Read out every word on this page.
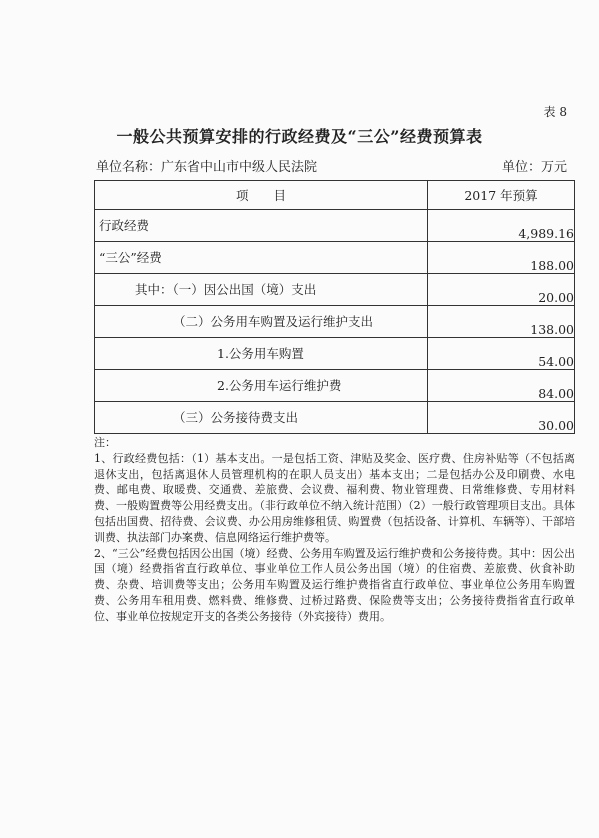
表 8
一般公共预算安排的行政经费及“三公”经费预算表
单位名称：广东省中山市中级人民法院	单位：万元
项　　目	2017 年预算

行政经费	4,989.16

“三公”经费	188.00

其中：（一）因公出国（境）支出	20.00

（二）公务用车购置及运行维护支出	138.00

1.公务用车购置	54.00

2.公务用车运行维护费	84.00

（三）公务接待费支出	30.00

注：

1、行政经费包括：（1）基本支出。一是包括工资、津贴及奖金、医疗费、住房补贴等（不包括离退休支出，包括离退休人员管理机构的在职人员支出）基本支出；二是包括办公及印刷费、水电费、邮电费、取暖费、交通费、差旅费、会议费、福利费、物业管理费、日常维修费、专用材料费、一般购置费等公用经费支出。（非行政单位不纳入统计范围）（2）一般行政管理项目支出。具体包括出国费、招待费、会议费、办公用房维修租赁、购置费（包括设备、计算机、车辆等）、干部培训费、执法部门办案费、信息网络运行维护费等。

2、“三公”经费包括因公出国（境）经费、公务用车购置及运行维护费和公务接待费。其中：因公出国（境）经费指省直行政单位、事业单位工作人员公务出国（境）的住宿费、差旅费、伙食补助费、杂费、培训费等支出；公务用车购置及运行维护费指省直行政单位、事业单位公务用车购置费、公务用车租用费、燃料费、维修费、过桥过路费、保险费等支出；公务接待费指省直行政单位、事业单位按规定开支的各类公务接待（外宾接待）费用。
